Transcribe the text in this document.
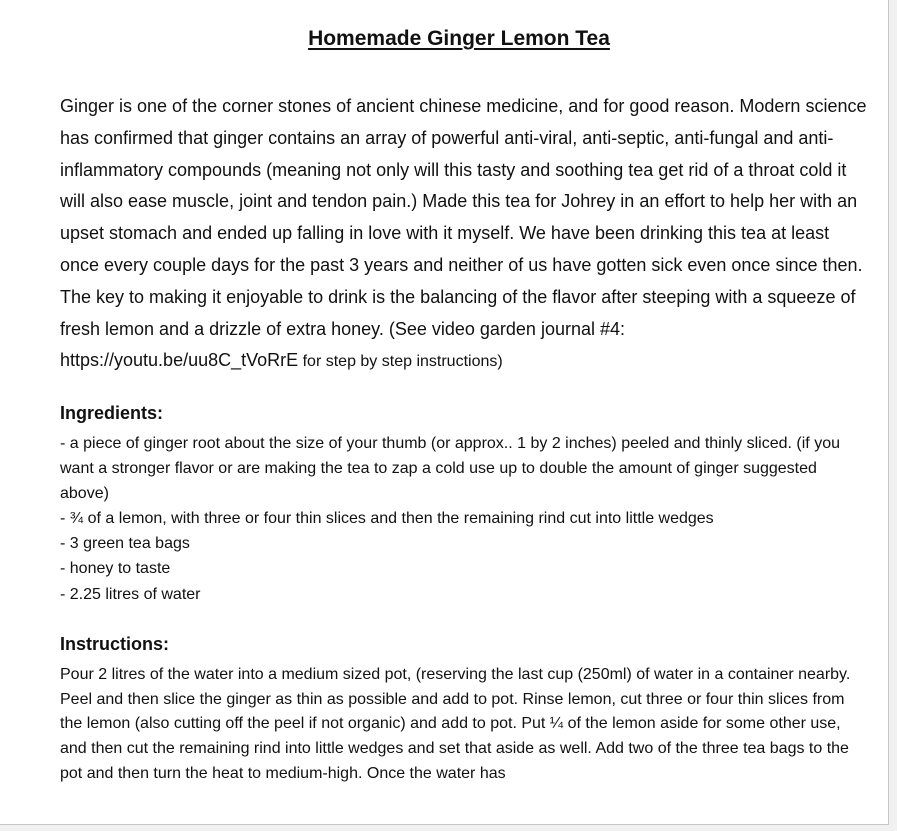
Homemade Ginger Lemon Tea

Ginger is one of the corner stones of ancient chinese medicine, and for good reason. Modern science has confirmed that ginger contains an array of powerful anti-viral, anti-septic, anti-fungal and anti-inflammatory compounds (meaning not only will this tasty and soothing tea get rid of a throat cold it will also ease muscle, joint and tendon pain.) Made this tea for Johrey in an effort to help her with an upset stomach and ended up falling in love with it myself. We have been drinking this tea at least once every couple days for the past 3 years and neither of us have gotten sick even once since then. The key to making it enjoyable to drink is the balancing of the flavor after steeping with a squeeze of fresh lemon and a drizzle of extra honey. (See video garden journal #4: https://youtu.be/uu8C_tVoRrE for step by step instructions)

Ingredients:
- a piece of ginger root about the size of your thumb (or approx.. 1 by 2 inches) peeled and thinly sliced. (if you want a stronger flavor or are making the tea to zap a cold use up to double the amount of ginger suggested above)
- ¾ of a lemon, with three or four thin slices and then the remaining rind cut into little wedges
- 3 green tea bags
- honey to taste
- 2.25 litres of water
Instructions:

Pour 2 litres of the water into a medium sized pot, (reserving the last cup (250ml) of water in a container nearby. Peel and then slice the ginger as thin as possible and add to pot. Rinse lemon, cut three or four thin slices from the lemon (also cutting off the peel if not organic) and add to pot. Put ¼ of the lemon aside for some other use, and then cut the remaining rind into little wedges and set that aside as well. Add two of the three tea bags to the pot and then turn the heat to medium-high. Once the water has
